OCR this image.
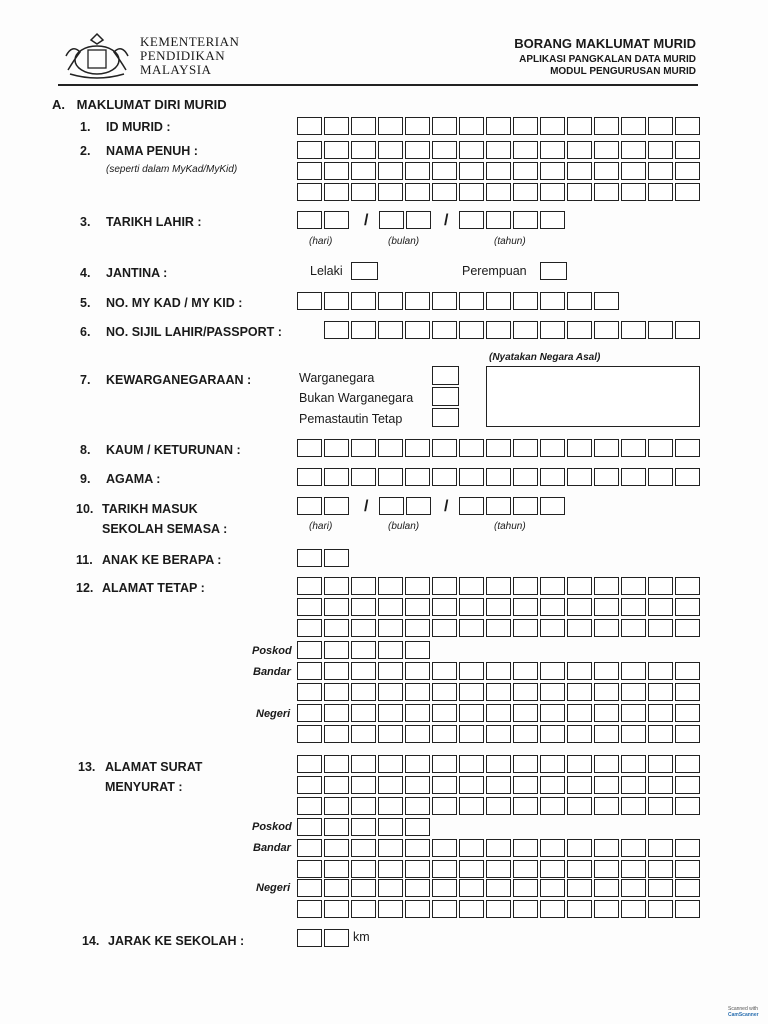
KEMENTERIAN
PENDIDIKAN
MALAYSIA
BORANG MAKLUMAT MURID
APLIKASI PANGKALAN DATA MURID
MODUL PENGURUSAN MURID
A. MAKLUMAT DIRI MURID
1. ID MURID :
2. NAMA PENUH :
(seperti dalam MyKad/MyKid)
3. TARIKH LAHIR :	/	/
(hari)	(bulan)	(tahun)
4. JANTINA :	Lelaki	Perempuan
5. NO. MY KAD / MY KID :
6. NO. SIJIL LAHIR/PASSPORT :
7. KEWARGANEGARAAN :
(Nyatakan Negara Asal)
Warganegara
Bukan Warganegara
Pemastautin Tetap
8. KAUM / KETURUNAN :
9. AGAMA :
10. TARIKH MASUK
SEKOLAH SEMASA :
/	/
(hari)	(bulan)	(tahun)
11. ANAK KE BERAPA :
12. ALAMAT TETAP :
Poskod
Bandar
Negeri
13. ALAMAT SURAT
MENYURAT :
Poskod
Bandar
Negeri
14. JARAK KE SEKOLAH :	km
Scanned with
CamScanner
